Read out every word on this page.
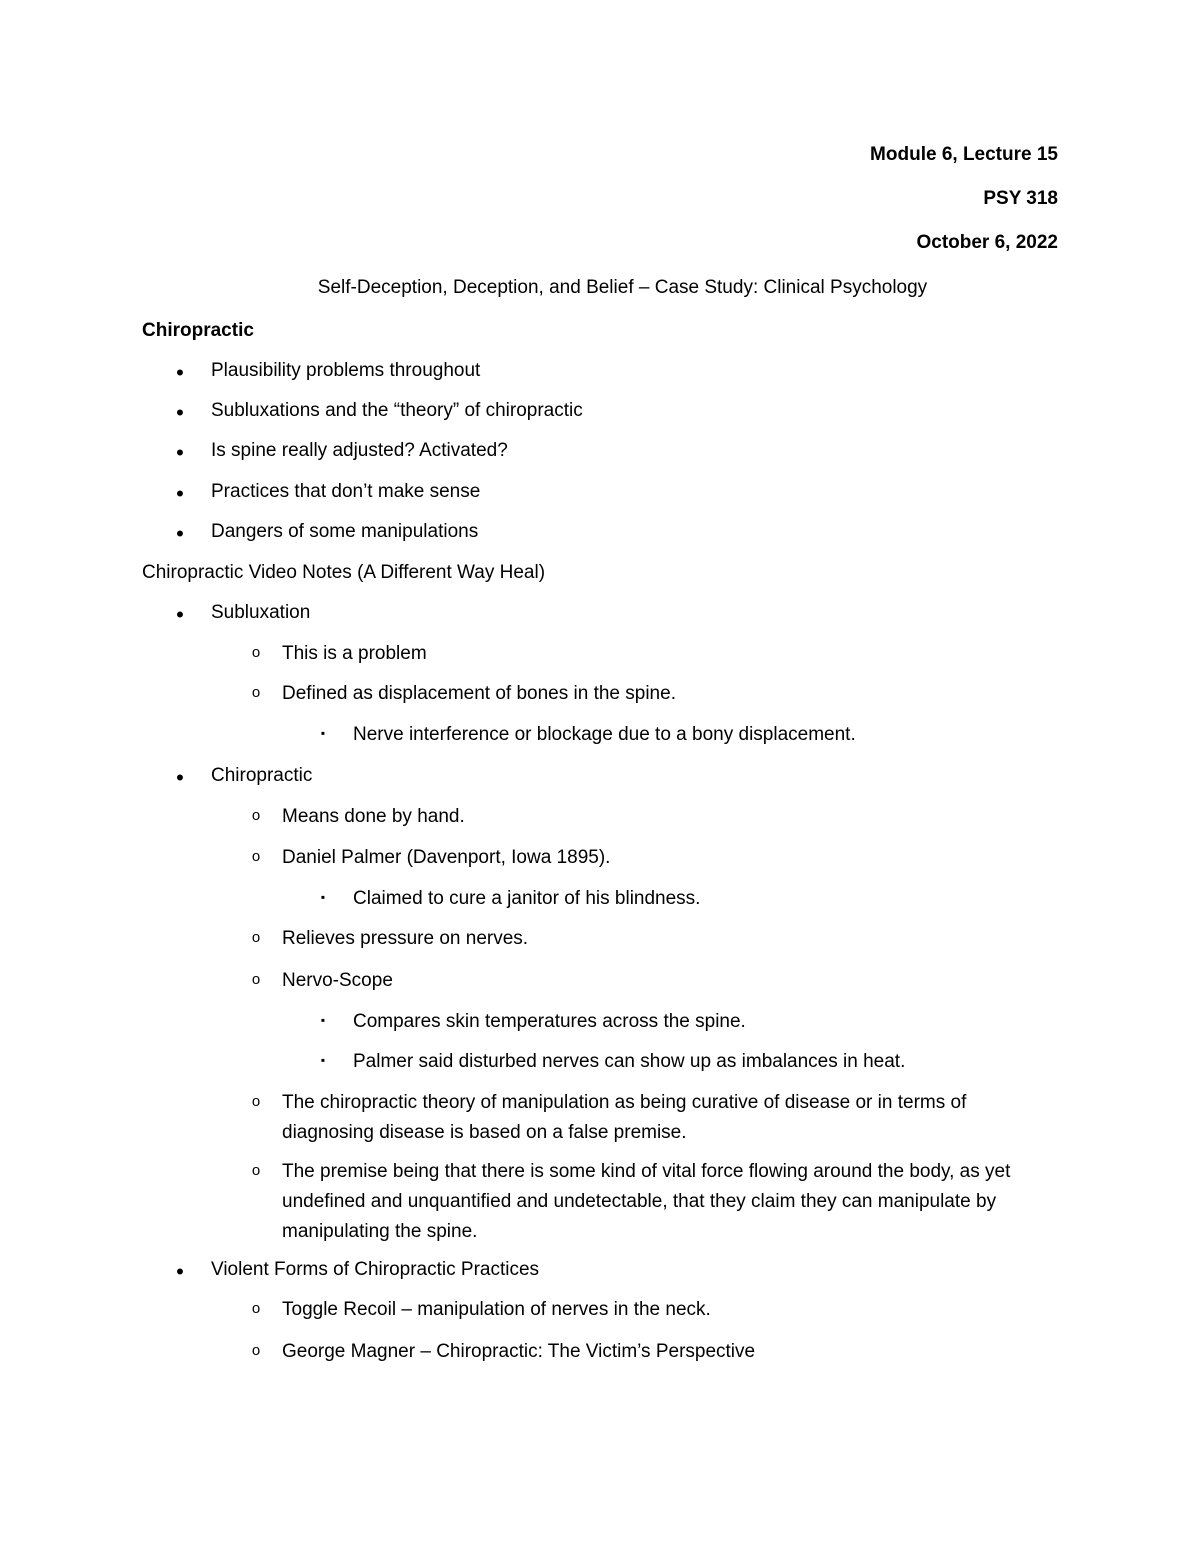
Module 6, Lecture 15
PSY 318
October 6, 2022
Self-Deception, Deception, and Belief – Case Study: Clinical Psychology
Chiropractic
• Plausibility problems throughout
• Subluxations and the “theory” of chiropractic
• Is spine really adjusted? Activated?
• Practices that don’t make sense
• Dangers of some manipulations
Chiropractic Video Notes (A Different Way Heal)
• Subluxation
o This is a problem
o Defined as displacement of bones in the spine.
▪ Nerve interference or blockage due to a bony displacement.
• Chiropractic
o Means done by hand.
o Daniel Palmer (Davenport, Iowa 1895).
▪ Claimed to cure a janitor of his blindness.
o Relieves pressure on nerves.
o Nervo-Scope
▪ Compares skin temperatures across the spine.
▪ Palmer said disturbed nerves can show up as imbalances in heat.
o The chiropractic theory of manipulation as being curative of disease or in terms of diagnosing disease is based on a false premise.
o The premise being that there is some kind of vital force flowing around the body, as yet undefined and unquantified and undetectable, that they claim they can manipulate by manipulating the spine.
• Violent Forms of Chiropractic Practices
o Toggle Recoil – manipulation of nerves in the neck.
o George Magner – Chiropractic: The Victim’s Perspective
